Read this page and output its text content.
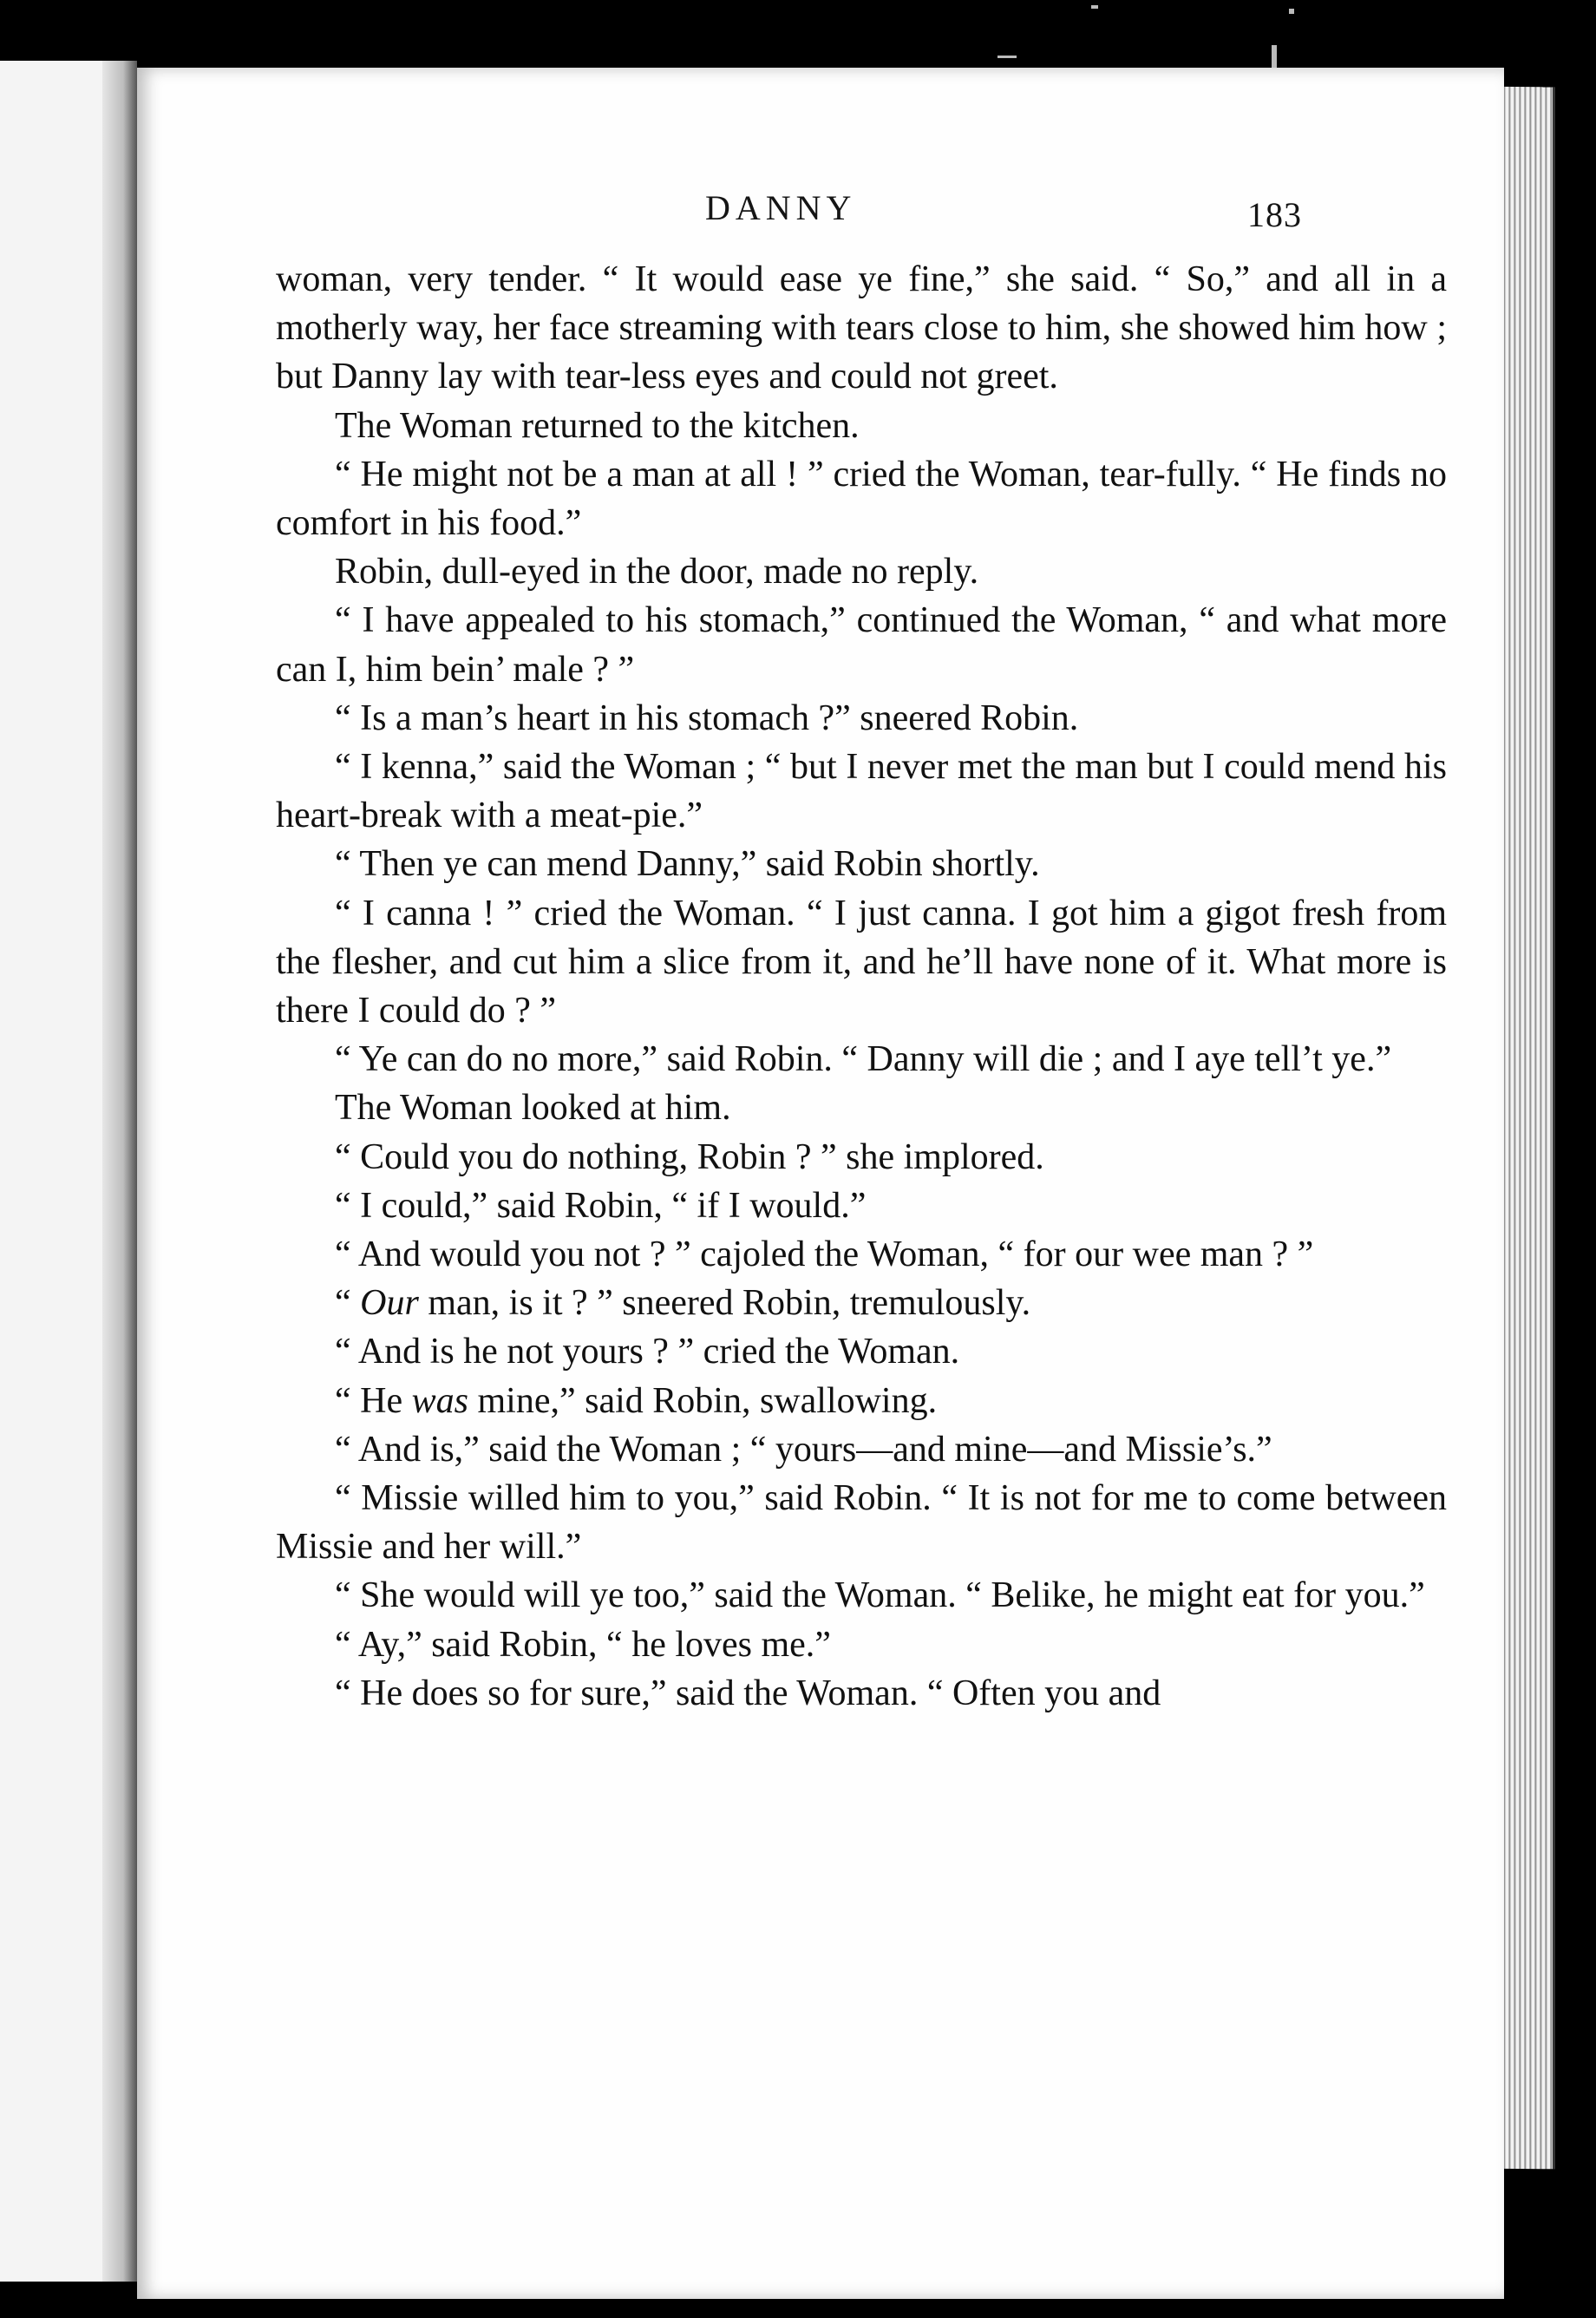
DANNY	183

woman, very tender. “ It would ease ye fine,” she said. “ So,” and all in a motherly way, her face streaming with tears close to him, she showed him how ; but Danny lay with tear-less eyes and could not greet.

The Woman returned to the kitchen.

“ He might not be a man at all ! ” cried the Woman, tear-fully. “ He finds no comfort in his food.”

Robin, dull-eyed in the door, made no reply.

“ I have appealed to his stomach,” continued the Woman, “ and what more can I, him bein’ male ? ”

“ Is a man’s heart in his stomach ?” sneered Robin.

“ I kenna,” said the Woman ; “ but I never met the man but I could mend his heart-break with a meat-pie.”

“ Then ye can mend Danny,” said Robin shortly.

“ I canna ! ” cried the Woman. “ I just canna. I got him a gigot fresh from the flesher, and cut him a slice from it, and he’ll have none of it. What more is there I could do ? ”

“ Ye can do no more,” said Robin. “ Danny will die ; and I aye tell’t ye.”

The Woman looked at him.

“ Could you do nothing, Robin ? ” she implored.

“ I could,” said Robin, “ if I would.”

“ And would you not ? ” cajoled the Woman, “ for our wee man ? ”

“ Our man, is it ? ” sneered Robin, tremulously.

“ And is he not yours ? ” cried the Woman.

“ He was mine,” said Robin, swallowing.

“ And is,” said the Woman ; “ yours—and mine—and Missie’s.”

“ Missie willed him to you,” said Robin. “ It is not for me to come between Missie and her will.”

“ She would will ye too,” said the Woman. “ Belike, he might eat for you.”

“ Ay,” said Robin, “ he loves me.”

“ He does so for sure,” said the Woman. “ Often you and
